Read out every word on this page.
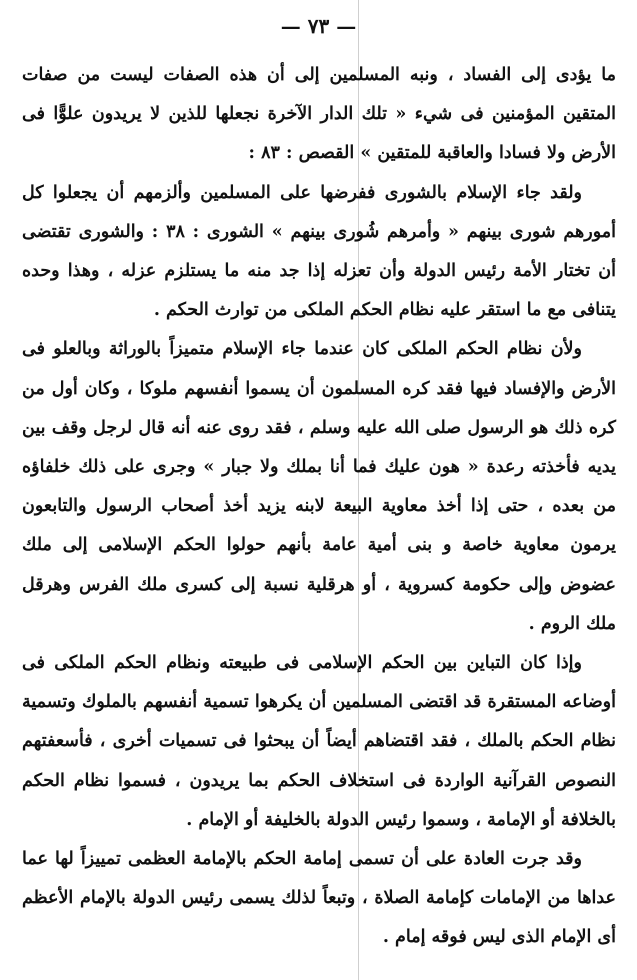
— ٧٣ —

ما يؤدى إلى الفساد ، ونبه المسلمين إلى أن هذه الصفات ليست من صفات المتقين المؤمنين فى شيء « تلك الدار الآخرة نجعلها للذين لا يريدون علوًّا فى الأرض ولا فسادا والعاقبة للمتقين » القصص : ٨٣ :

ولقد جاء الإسلام بالشورى ففرضها على المسلمين وألزمهم أن يجعلوا كل أمورهم شورى بينهم « وأمرهم شُورى بينهم » الشورى : ٣٨ : والشورى تقتضى أن تختار الأمة رئيس الدولة وأن تعزله إذا جد منه ما يستلزم عزله ، وهذا وحده يتنافى مع ما استقر عليه نظام الحكم الملكى من توارث الحكم .

ولأن نظام الحكم الملكى كان عندما جاء الإسلام متميزاً بالوراثة وبالعلو فى الأرض والإفساد فيها فقد كره المسلمون أن يسموا أنفسهم ملوكا ، وكان أول من كره ذلك هو الرسول صلى الله عليه وسلم ، فقد روى عنه أنه قال لرجل وقف بين يديه فأخذته رعدة « هون عليك فما أنا بملك ولا جبار » وجرى على ذلك خلفاؤه من بعده ، حتى إذا أخذ معاوية البيعة لابنه يزيد أخذ أصحاب الرسول والتابعون يرمون معاوية خاصة و بنى أمية عامة بأنهم حولوا الحكم الإسلامى إلى ملك عضوض وإلى حكومة كسروية ، أو هرقلية نسبة إلى كسرى ملك الفرس وهرقل ملك الروم .

وإذا كان التباين بين الحكم الإسلامى فى طبيعته ونظام الحكم الملكى فى أوضاعه المستقرة قد اقتضى المسلمين أن يكرهوا تسمية أنفسهم بالملوك وتسمية نظام الحكم بالملك ، فقد اقتضاهم أيضاً أن يبحثوا فى تسميات أخرى ، فأسعفتهم النصوص القرآنية الواردة فى استخلاف الحكم بما يريدون ، فسموا نظام الحكم بالخلافة أو الإمامة ، وسموا رئيس الدولة بالخليفة أو الإمام .

وقد جرت العادة على أن تسمى إمامة الحكم بالإمامة العظمى تمييزاً لها عما عداها من الإمامات كإمامة الصلاة ، وتبعاً لذلك يسمى رئيس الدولة بالإمام الأعظم أى الإمام الذى ليس فوقه إمام .
